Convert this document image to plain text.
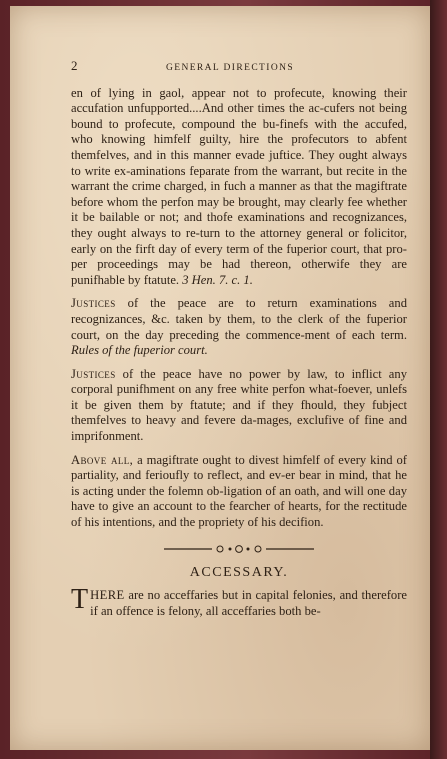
2	GENERAL DIRECTIONS

en of lying in gaol, appear not to profecute, knowing their accufation unfupported....And other times the ac-cufers not being bound to profecute, compound the bu-finefs with the accufed, who knowing himfelf guilty, hire the profecutors to abfent themfelves, and in this manner evade juftice. They ought always to write ex-aminations feparate from the warrant, but recite in the warrant the crime charged, in fuch a manner as that the magiftrate before whom the perfon may be brought, may clearly fee whether it be bailable or not; and thofe examinations and recognizances, they ought always to re-turn to the attorney general or folicitor, early on the firft day of every term of the fuperior court, that pro-per proceedings may be had thereon, otherwife they are punifhable by ftatute. 3 Hen. 7. c. 1.

Justices of the peace are to return examinations and recognizances, &c. taken by them, to the clerk of the fuperior court, on the day preceding the commence-ment of each term. Rules of the fuperior court.

Justices of the peace have no power by law, to inflict any corporal punifhment on any free white perfon what-foever, unlefs it be given them by ftatute; and if they fhould, they fubject themfelves to heavy and fevere da-mages, exclufive of fine and imprifonment.

Above all, a magiftrate ought to divest himfelf of every kind of partiality, and ferioufly to reflect, and ev-er bear in mind, that he is acting under the folemn ob-ligation of an oath, and will one day have to give an account to the fearcher of hearts, for the rectitude of his intentions, and the propriety of his decifion.

ACCESSARY.

THERE are no acceffaries but in capital felonies, and therefore if an offence is felony, all acceffaries both be-
